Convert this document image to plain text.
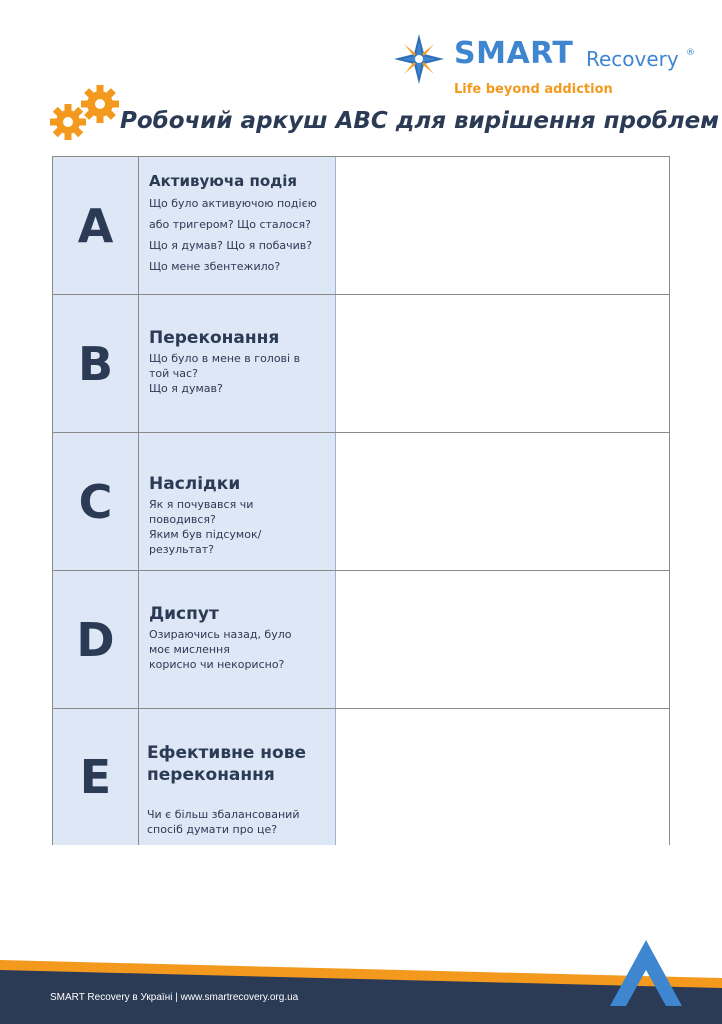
SMART Recovery ®
Life beyond addiction
Робочий аркуш ABC для вирішення проблем
A
Активуюча подія
Що було активуючою подією
або тригером? Що сталося?
Що я думав? Що я побачив?
Що мене збентежило?
B Переконання
Що було в мене в голові в
той час?
Що я думав?
C Наслідки
Як я почувався чи
поводився?
Яким був підсумок/
результат?
D Диспут
Озираючись назад, було
моє мислення
корисно чи некорисно?
E Ефективне нове
переконання

Чи є більш збалансований
спосіб думати про це?

SMART Recovery в Україні | www.smartrecovery.org.ua
